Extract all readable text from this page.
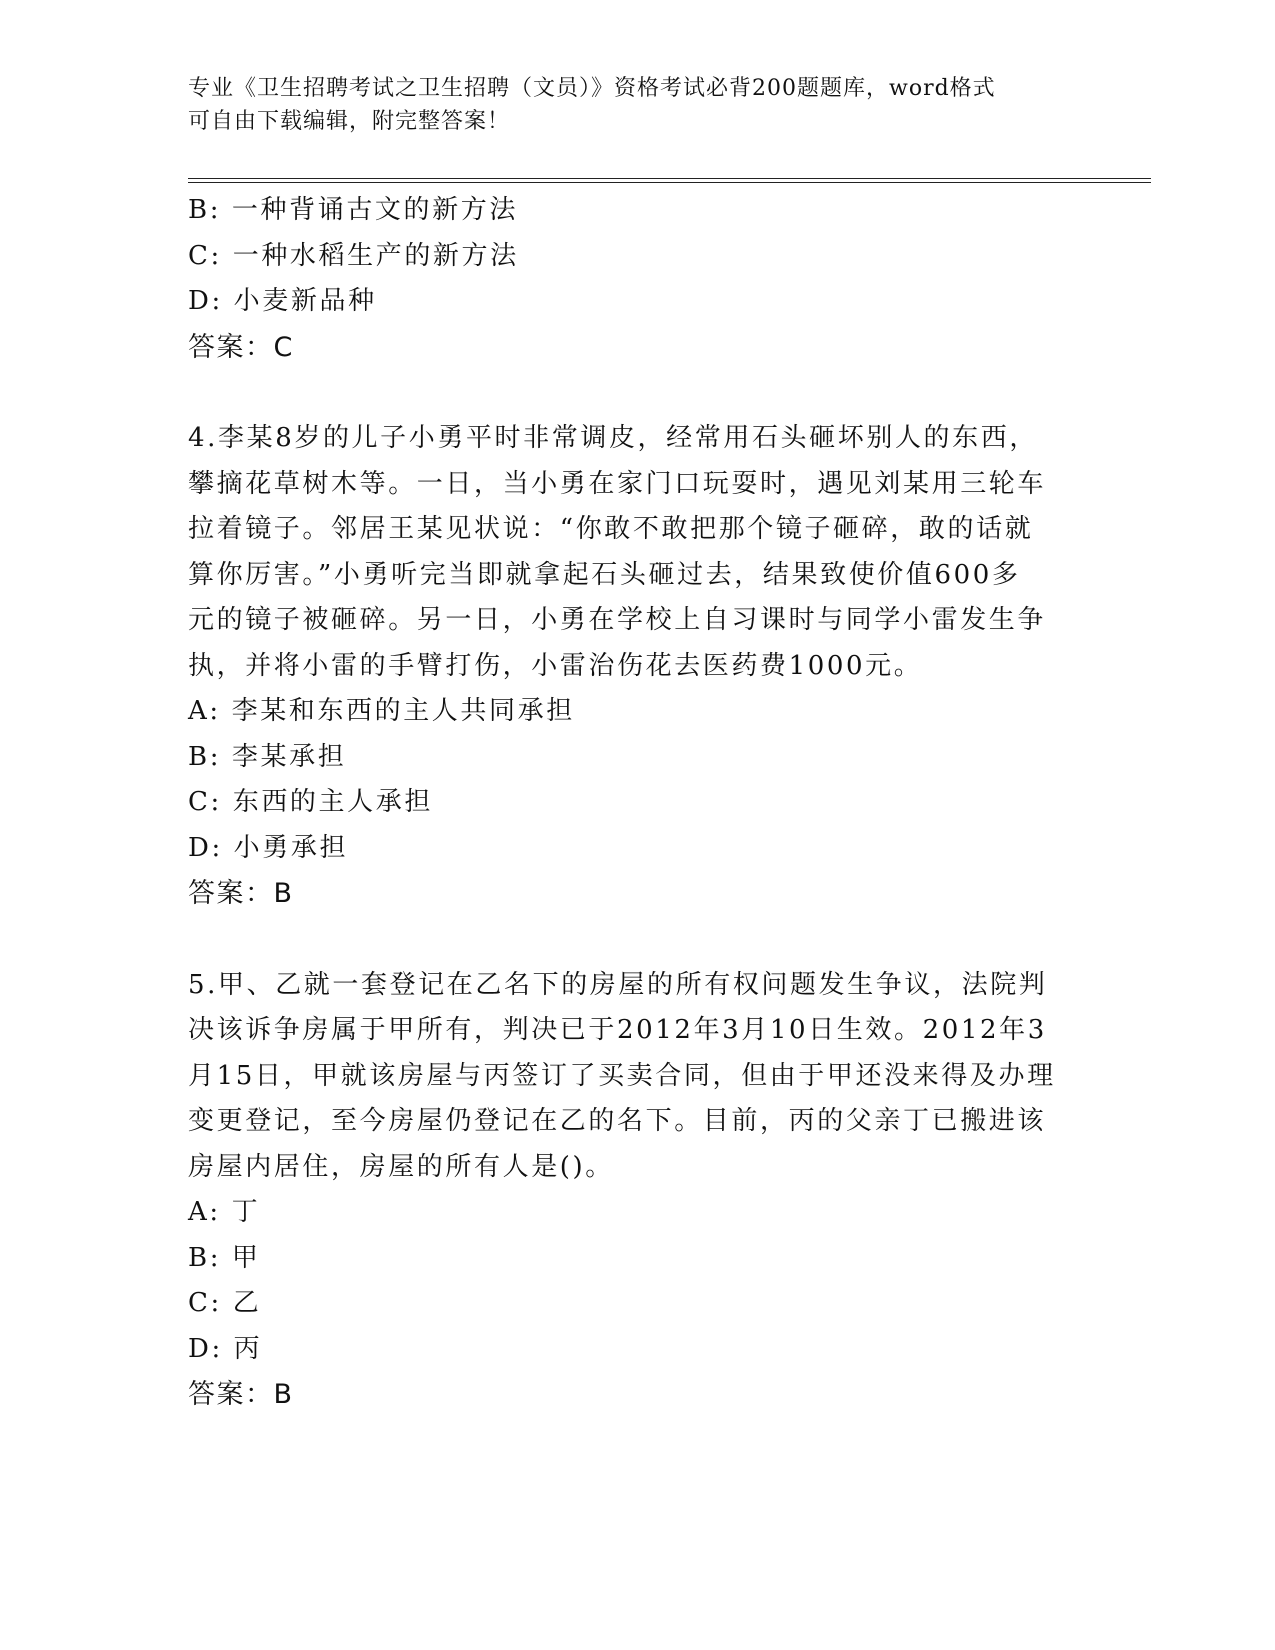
专业《卫生招聘考试之卫生招聘（文员）》资格考试必背200题题库，word格式
可自由下载编辑，附完整答案！

B: 一种背诵古文的新方法

C: 一种水稻生产的新方法

D: 小麦新品种

答案：C

4.李某8岁的儿子小勇平时非常调皮，经常用石头砸坏别人的东西，

攀摘花草树木等。一日，当小勇在家门口玩耍时，遇见刘某用三轮车

拉着镜子。邻居王某见状说：“你敢不敢把那个镜子砸碎，敢的话就

算你厉害。”小勇听完当即就拿起石头砸过去，结果致使价值600多

元的镜子被砸碎。另一日，小勇在学校上自习课时与同学小雷发生争

执，并将小雷的手臂打伤，小雷治伤花去医药费1000元。

A: 李某和东西的主人共同承担

B: 李某承担

C: 东西的主人承担

D: 小勇承担

答案：B

5.甲、乙就一套登记在乙名下的房屋的所有权问题发生争议，法院判

决该诉争房属于甲所有，判决已于2012年3月10日生效。2012年3

月15日，甲就该房屋与丙签订了买卖合同，但由于甲还没来得及办理

变更登记，至今房屋仍登记在乙的名下。目前，丙的父亲丁已搬进该

房屋内居住，房屋的所有人是()。

A: 丁

B: 甲

C: 乙

D: 丙

答案：B
